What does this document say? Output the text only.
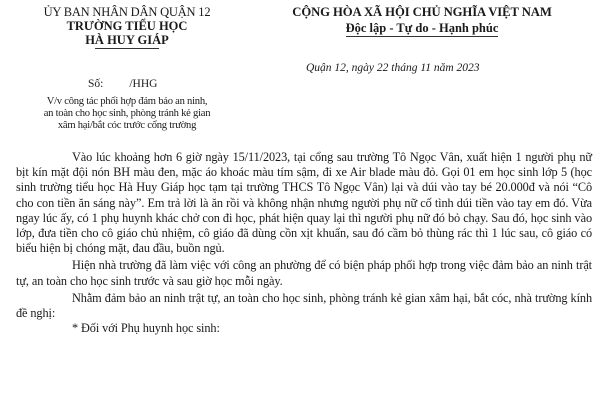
ỦY BAN NHÂN DÂN QUẬN 12
TRƯỜNG TIỂU HỌC
HÀ HUY GIÁP
CỘNG HÒA XÃ HỘI CHỦ NGHĨA VIỆT NAM
Độc lập - Tự do - Hạnh phúc
Quận 12, ngày 22 tháng 11 năm 2023
Số: /HHG
V/v công tác phối hợp đảm bảo an ninh,
an toàn cho học sinh, phòng tránh kẻ gian
xâm hại/bắt cóc trước cổng trường

Vào lúc khoảng hơn 6 giờ ngày 15/11/2023, tại cổng sau trường Tô Ngọc Vân, xuất hiện 1 người phụ nữ bịt kín mặt đội nón BH màu đen, mặc áo khoác màu tím sậm, đi xe Air blade màu đỏ. Gọi 01 em học sinh lớp 5 (học sinh trường tiểu học Hà Huy Giáp học tạm tại trường THCS Tô Ngọc Vân) lại và dúi vào tay bé 20.000đ và nói “Cô cho con tiền ăn sáng này”. Em trả lời là ăn rồi và không nhận nhưng người phụ nữ cố tình dúi tiền vào tay em đó. Vừa ngay lúc ấy, có 1 phụ huynh khác chở con đi học, phát hiện quay lại thì người phụ nữ đó bỏ chạy. Sau đó, học sinh vào lớp, đưa tiền cho cô giáo chủ nhiệm, cô giáo đã dùng cồn xịt khuẩn, sau đó cầm bỏ thùng rác thì 1 lúc sau, cô giáo có biểu hiện bị chóng mặt, đau đầu, buồn ngủ.

Hiện nhà trường đã làm việc với công an phường để có biện pháp phối hợp trong việc đảm bảo an ninh trật tự, an toàn cho học sinh trước và sau giờ học mỗi ngày.

Nhằm đảm bảo an ninh trật tự, an toàn cho học sinh, phòng tránh kẻ gian xâm hại, bắt cóc, nhà trường kính đề nghị:

* Đối với Phụ huynh học sinh:
